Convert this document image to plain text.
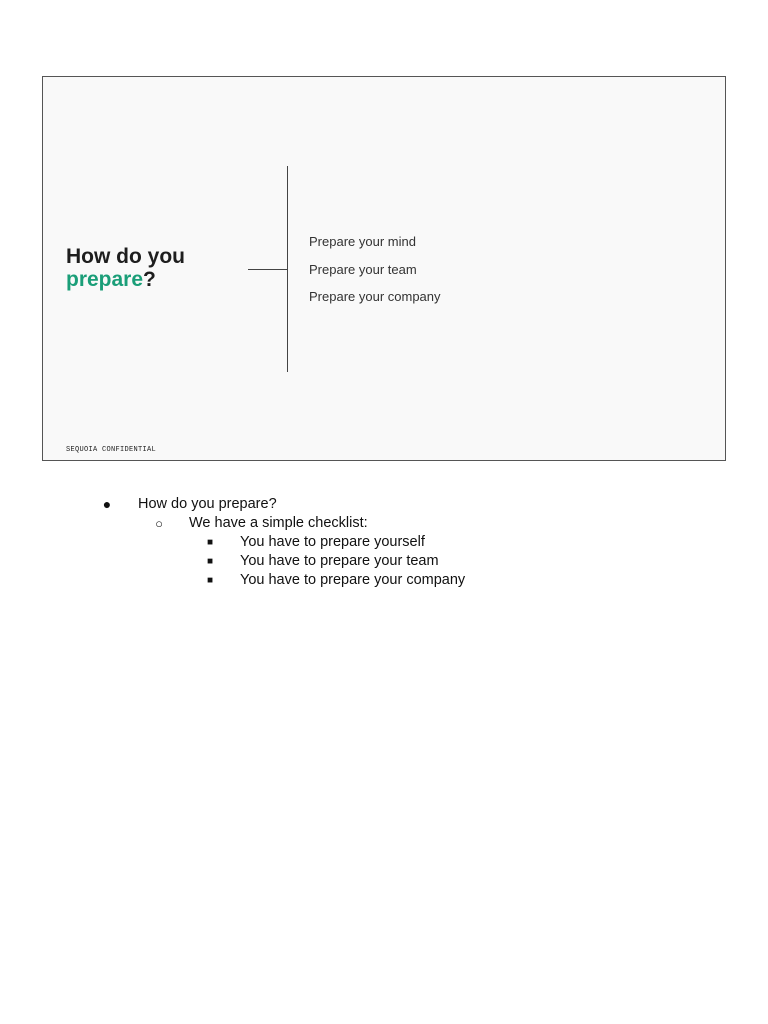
How do you
prepare?
Prepare your mind
Prepare your team
Prepare your company
SEQUOIA CONFIDENTIAL
● How do you prepare?
○ We have a simple checklist:
■ You have to prepare yourself
■ You have to prepare your team
■ You have to prepare your company
